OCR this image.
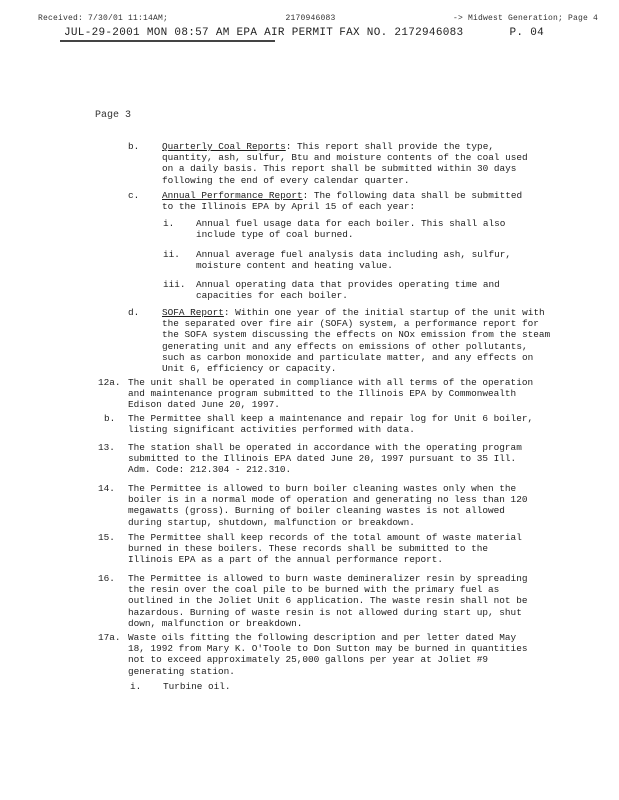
Received: 7/30/01 11:14AM;	2170946083	-> Midwest Generation; Page 4
JUL-29-2001 MON 08:57 AM EPA AIR PERMIT FAX NO. 2172946083	P. 04
Page 3
b. Quarterly Coal Reports: This report shall provide the type,

quantity, ash, sulfur, Btu and moisture contents of the coal used

on a daily basis. This report shall be submitted within 30 days

following the end of every calendar quarter.

c. Annual Performance Report: The following data shall be submitted

to the Illinois EPA by April 15 of each year:

i. Annual fuel usage data for each boiler. This shall also

include type of coal burned.

ii. Annual average fuel analysis data including ash, sulfur,

moisture content and heating value.

iii. Annual operating data that provides operating time and

capacities for each boiler.

d. SOFA Report: Within one year of the initial startup of the unit with

the separated over fire air (SOFA) system, a performance report for

the SOFA system discussing the effects on NOx emission from the steam

generating unit and any effects on emissions of other pollutants,

such as carbon monoxide and particulate matter, and any effects on

Unit 6, efficiency or capacity.

12a. The unit shall be operated in compliance with all terms of the operation

and maintenance program submitted to the Illinois EPA by Commonwealth

Edison dated June 20, 1997.

b. The Permittee shall keep a maintenance and repair log for Unit 6 boiler,

listing significant activities performed with data.

13. The station shall be operated in accordance with the operating program

submitted to the Illinois EPA dated June 20, 1997 pursuant to 35 Ill.

Adm. Code: 212.304 - 212.310.

14. The Permittee is allowed to burn boiler cleaning wastes only when the

boiler is in a normal mode of operation and generating no less than 120

megawatts (gross). Burning of boiler cleaning wastes is not allowed

during startup, shutdown, malfunction or breakdown.

15. The Permittee shall keep records of the total amount of waste material

burned in these boilers. These records shall be submitted to the

Illinois EPA as a part of the annual performance report.

16. The Permittee is allowed to burn waste demineralizer resin by spreading

the resin over the coal pile to be burned with the primary fuel as

outlined in the Joliet Unit 6 application. The waste resin shall not be

hazardous. Burning of waste resin is not allowed during start up, shut

down, malfunction or breakdown.

17a. Waste oils fitting the following description and per letter dated May

18, 1992 from Mary K. O'Toole to Don Sutton may be burned in quantities

not to exceed approximately 25,000 gallons per year at Joliet #9

generating station.

i. Turbine oil.
